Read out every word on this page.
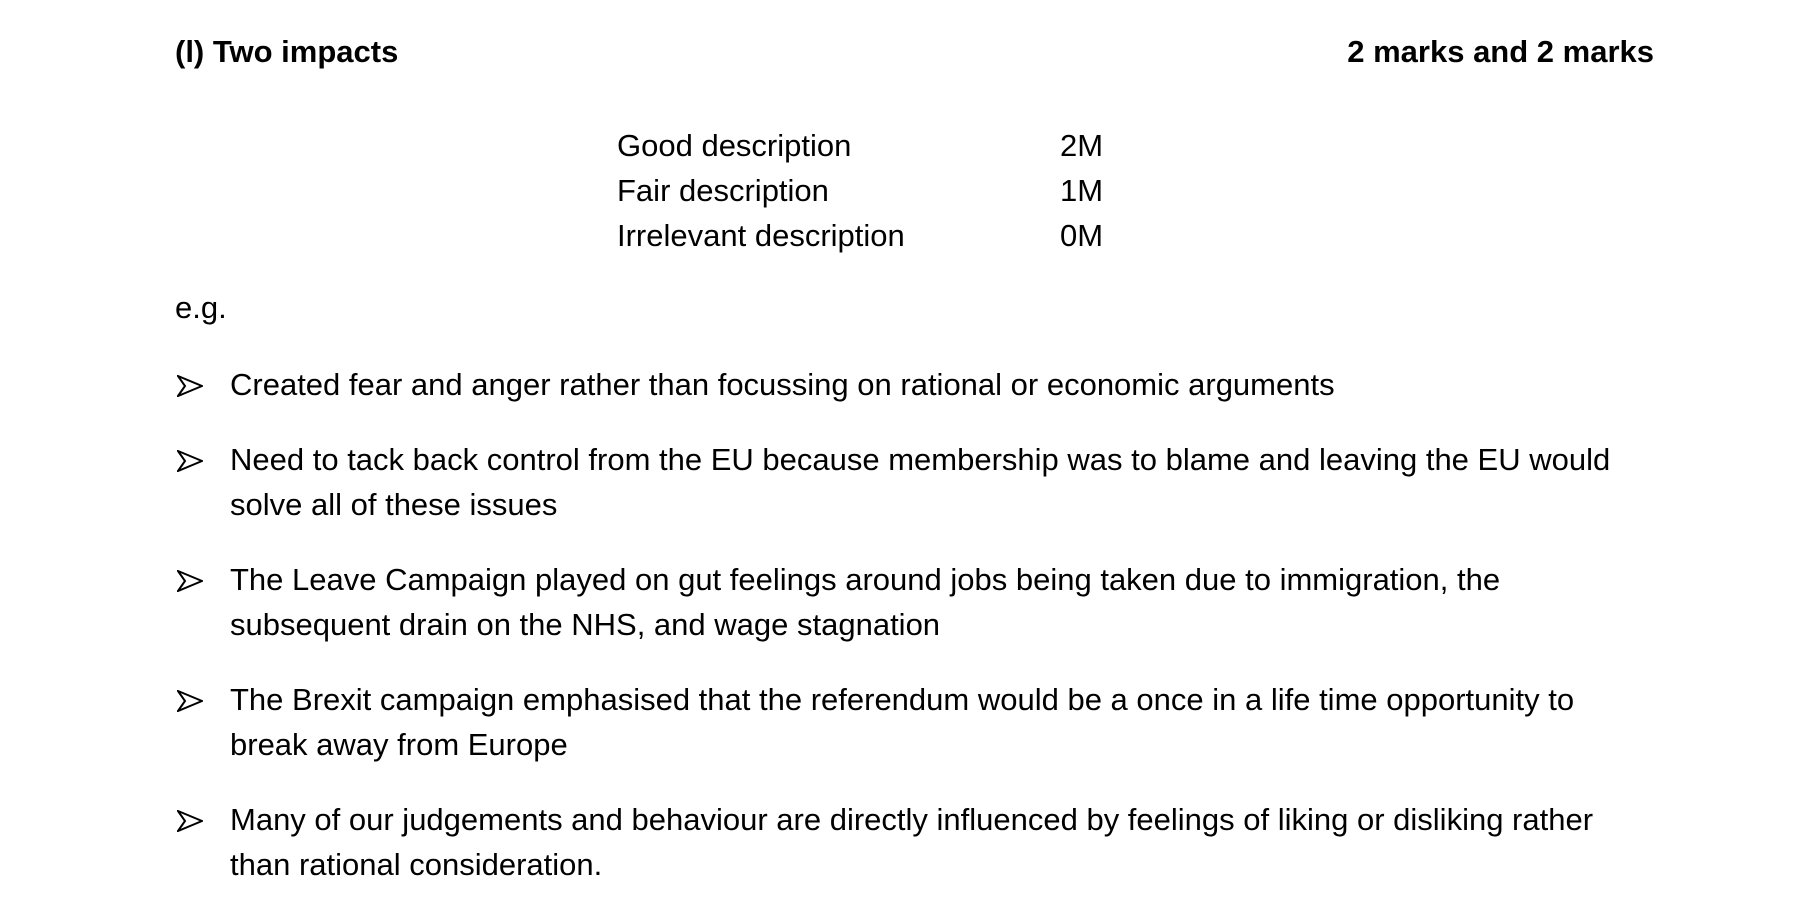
(l) Two impacts	2 marks and 2 marks
Good description	2M
Fair description	1M
Irrelevant description	0M
e.g.
Created fear and anger rather than focussing on rational or economic arguments
Need to tack back control from the EU because membership was to blame and leaving the EU would solve all of these issues
The Leave Campaign played on gut feelings around jobs being taken due to immigration, the subsequent drain on the NHS, and wage stagnation
The Brexit campaign emphasised that the referendum would be a once in a life time opportunity to break away from Europe
Many of our judgements and behaviour are directly influenced by feelings of liking or disliking rather than rational consideration.
